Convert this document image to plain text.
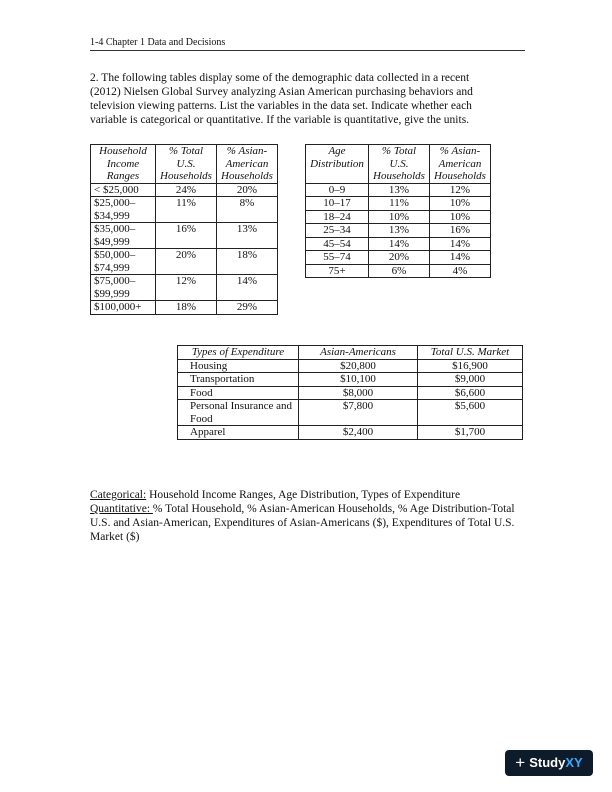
1-4 Chapter 1 Data and Decisions
2. The following tables display some of the demographic data collected in a recent (2012) Nielsen Global Survey analyzing Asian American purchasing behaviors and television viewing patterns. List the variables in the data set. Indicate whether each variable is categorical or quantitative. If the variable is quantitative, give the units.
Household Income Ranges	% Total U.S. Households	% Asian-American Households
< $25,000	24%	20%
$25,000–$34,999	11%	8%
$35,000–$49,999	16%	13%
$50,000–$74,999	20%	18%
$75,000–$99,999	12%	14%
$100,000+	18%	29%
Age Distribution	% Total U.S. Households	% Asian-American Households
0–9	13%	12%
10–17	11%	10%
18–24	10%	10%
25–34	13%	16%
45–54	14%	14%
55–74	20%	14%
75+	6%	4%
Types of Expenditure	Asian-Americans	Total U.S. Market
Housing	$20,800	$16,900
Transportation	$10,100	$9,000
Food	$8,000	$6,600
Personal Insurance and Food	$7,800	$5,600
Apparel	$2,400	$1,700
Categorical: Household Income Ranges, Age Distribution, Types of Expenditure
Quantitative: % Total Household, % Asian-American Households, % Age Distribution-Total U.S. and Asian-American, Expenditures of Asian-Americans ($), Expenditures of Total U.S. Market ($)
+ StudyXY
